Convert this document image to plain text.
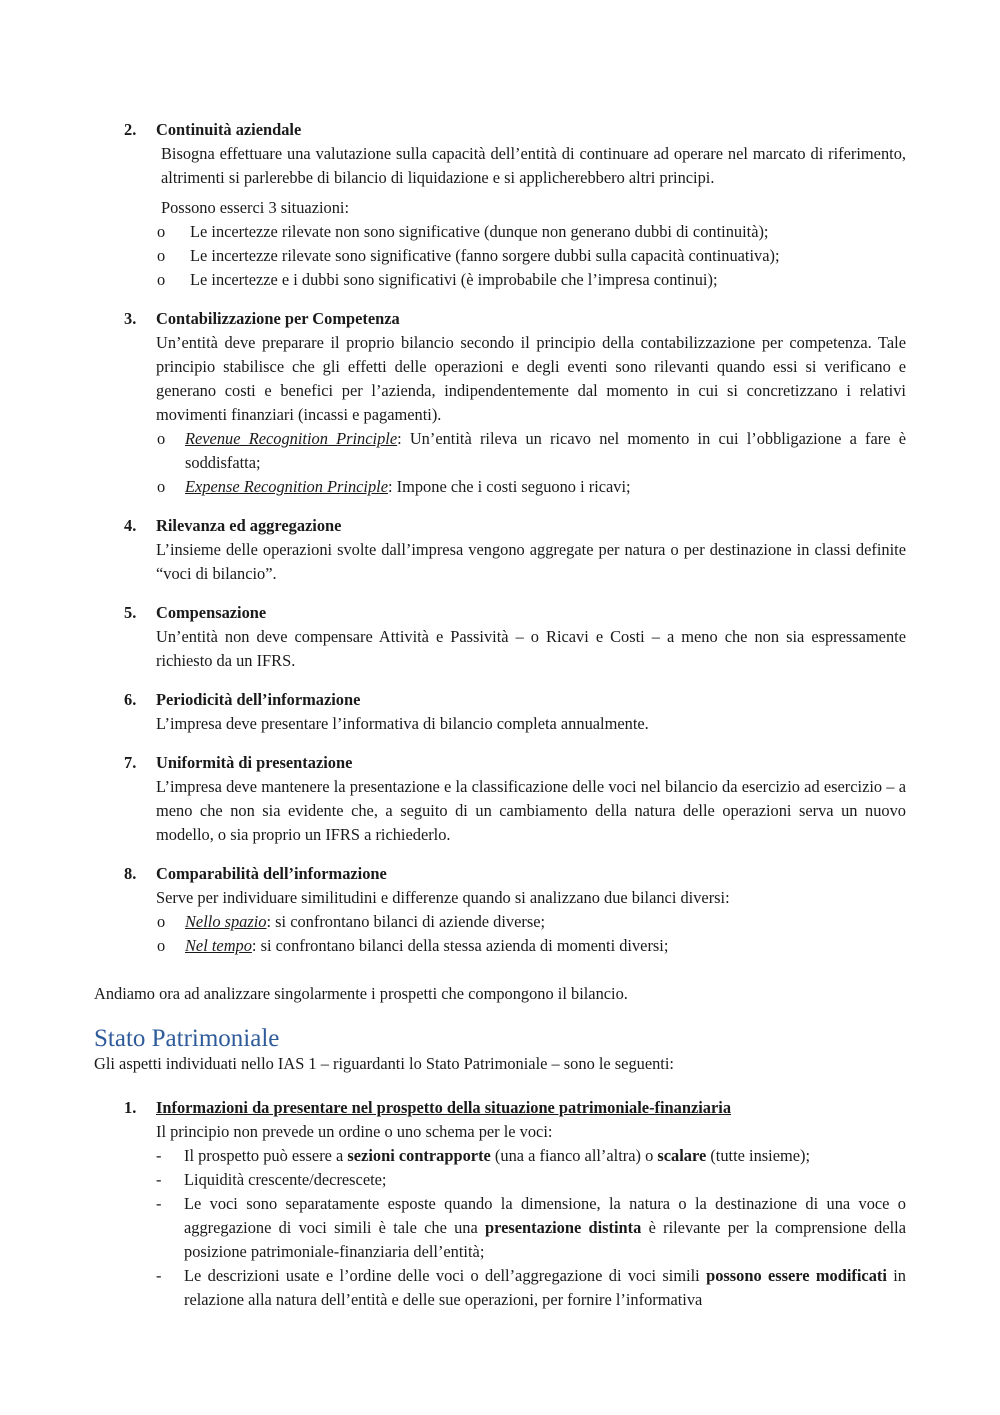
2.	Continuità aziendale
Bisogna effettuare una valutazione sulla capacità dell’entità di continuare ad operare nel marcato di riferimento, altrimenti si parlerebbe di bilancio di liquidazione e si applicherebbero altri principi.
Possono esserci 3 situazioni:
o Le incertezze rilevate non sono significative (dunque non generano dubbi di continuità);
o Le incertezze rilevate sono significative (fanno sorgere dubbi sulla capacità continuativa);
o Le incertezze e i dubbi sono significativi (è improbabile che l’impresa continui);
3.	Contabilizzazione per Competenza
Un’entità deve preparare il proprio bilancio secondo il principio della contabilizzazione per competenza. Tale principio stabilisce che gli effetti delle operazioni e degli eventi sono rilevanti quando essi si verificano e generano costi e benefici per l’azienda, indipendentemente dal momento in cui si concretizzano i relativi movimenti finanziari (incassi e pagamenti).
o Revenue Recognition Principle: Un’entità rileva un ricavo nel momento in cui l’obbligazione a fare è soddisfatta;
o Expense Recognition Principle: Impone che i costi seguono i ricavi;
4.	Rilevanza ed aggregazione
L’insieme delle operazioni svolte dall’impresa vengono aggregate per natura o per destinazione in classi definite “voci di bilancio”.
5.	Compensazione
Un’entità non deve compensare Attività e Passività – o Ricavi e Costi – a meno che non sia espressamente richiesto da un IFRS.
6.	Periodicità dell’informazione
L’impresa deve presentare l’informativa di bilancio completa annualmente.
7.	Uniformità di presentazione
L’impresa deve mantenere la presentazione e la classificazione delle voci nel bilancio da esercizio ad esercizio – a meno che non sia evidente che, a seguito di un cambiamento della natura delle operazioni serva un nuovo modello, o sia proprio un IFRS a richiederlo.
8.	Comparabilità dell’informazione
Serve per individuare similitudini e differenze quando si analizzano due bilanci diversi:
o Nello spazio: si confrontano bilanci di aziende diverse;
o Nel tempo: si confrontano bilanci della stessa azienda di momenti diversi;
Andiamo ora ad analizzare singolarmente i prospetti che compongono il bilancio.
Stato Patrimoniale
Gli aspetti individuati nello IAS 1 – riguardanti lo Stato Patrimoniale – sono le seguenti:
1.	Informazioni da presentare nel prospetto della situazione patrimoniale-finanziaria
Il principio non prevede un ordine o uno schema per le voci:
- Il prospetto può essere a sezioni contrapporte (una a fianco all’altra) o scalare (tutte insieme);
- Liquidità crescente/decrescete;
- Le voci sono separatamente esposte quando la dimensione, la natura o la destinazione di una voce o aggregazione di voci simili è tale che una presentazione distinta è rilevante per la comprensione della posizione patrimoniale-finanziaria dell’entità;
- Le descrizioni usate e l’ordine delle voci o dell’aggregazione di voci simili possono essere modificati in relazione alla natura dell’entità e delle sue operazioni, per fornire l’informativa
